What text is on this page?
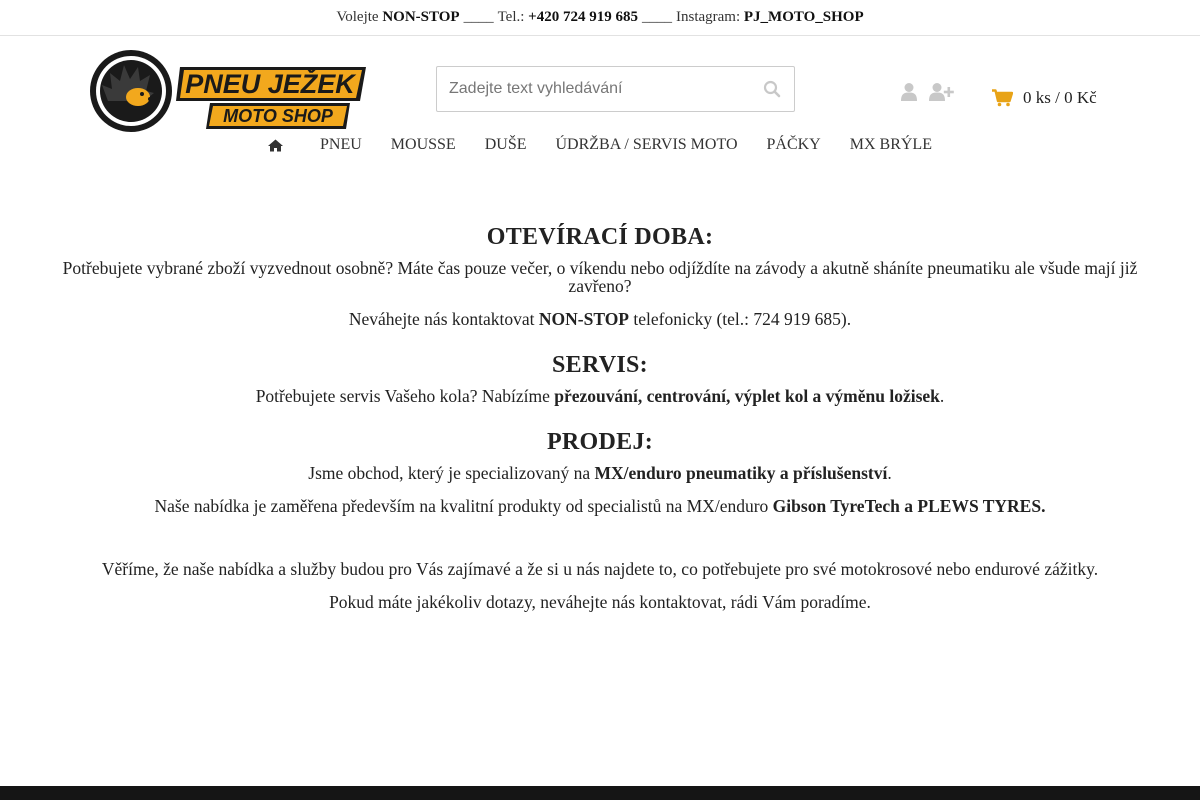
Volejte
NON-STOP ____ Tel.:
+420 724 919 685 ____ Instagram:
PJ_MOTO_SHOP
PNEU JEŽEK
MOTO SHOP
Zadejte text vyhledávání
0 ks / 0 Kč
PNEU MOUSSE DUŠE ÚDRŽBA / SERVIS MOTO PÁČKY MX BRÝLE
OTEVÍRACÍ DOBA:

Potřebujete vybrané zboží vyzvednout osobně? Máte čas pouze večer, o víkendu nebo odjíždíte na závody a akutně sháníte pneumatiku ale všude mají již zavřeno?

Neváhejte nás kontaktovat NON-STOP telefonicky (tel.: 724 919 685).

SERVIS:

Potřebujete servis Vašeho kola? Nabízíme přezouvání, centrování, výplet kol a výměnu ložisek.

PRODEJ:

Jsme obchod, který je specializovaný na MX/enduro pneumatiky a příslušenství.

Naše nabídka je zaměřena především na kvalitní produkty od specialistů na MX/enduro Gibson TyreTech a PLEWS TYRES.

Věříme, že naše nabídka a služby budou pro Vás zajímavé a že si u nás najdete to, co potřebujete pro své motokrosové nebo endurové zážitky.

Pokud máte jakékoliv dotazy, neváhejte nás kontaktovat, rádi Vám poradíme.
